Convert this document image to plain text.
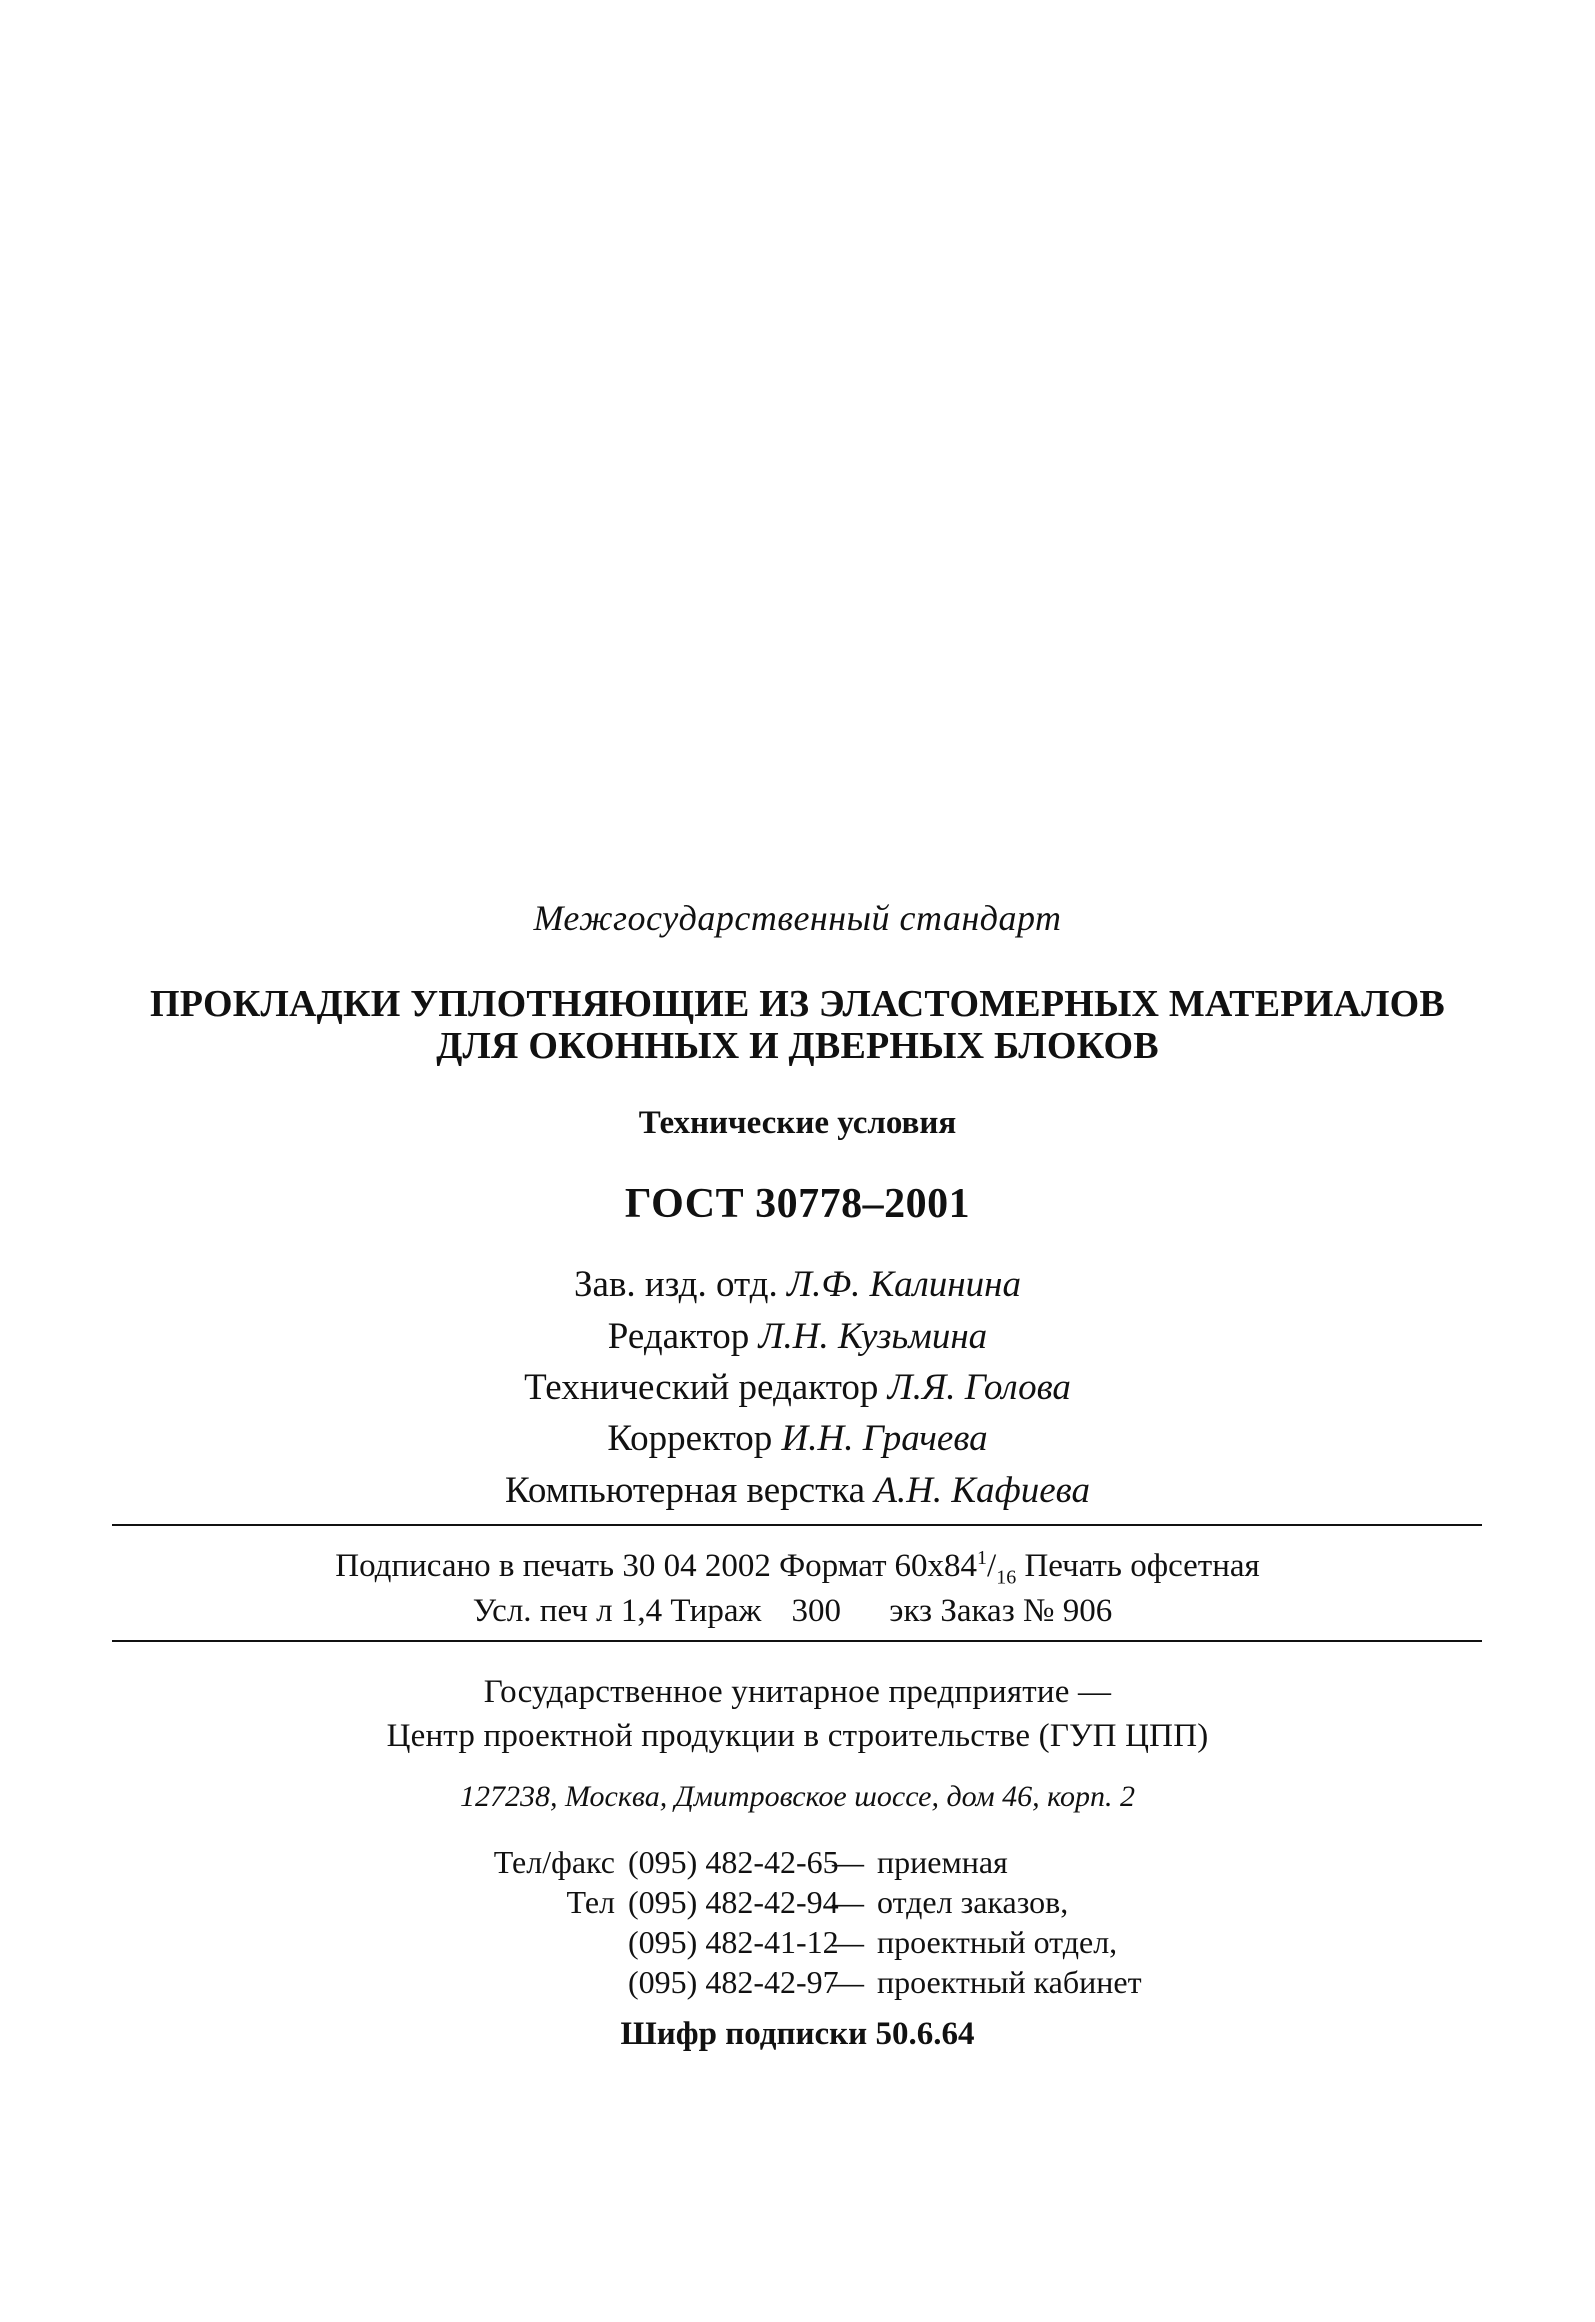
Межгосударственный стандарт
ПРОКЛАДКИ УПЛОТНЯЮЩИЕ ИЗ ЭЛАСТОМЕРНЫХ МАТЕРИАЛОВ
ДЛЯ ОКОННЫХ И ДВЕРНЫХ БЛОКОВ
Технические условия
ГОСТ 30778–2001
Зав. изд. отд. Л.Ф. Калинина
Редактор Л.Н. Кузьмина
Технический редактор Л.Я. Голова
Корректор И.Н. Грачева
Компьютерная верстка А.Н. Кафиева
Подписано в печать 30 04 2002 Формат $60х84^1/_{16}$ Печать офсетная
Усл. печ л 1,4 Тираж 300 экз Заказ № 906
Государственное унитарное предприятие —
Центр проектной продукции в строительстве (ГУП ЦПП)
127238, Москва, Дмитровское шоссе, дом 46, корп. 2
Тел/факс (095) 482-42-65
— приемная
Тел (095) 482-42-94
— отдел заказов,
(095) 482-41-12
— проектный отдел,
(095) 482-42-97
— проектный кабинет
Шифр подписки 50.6.64
